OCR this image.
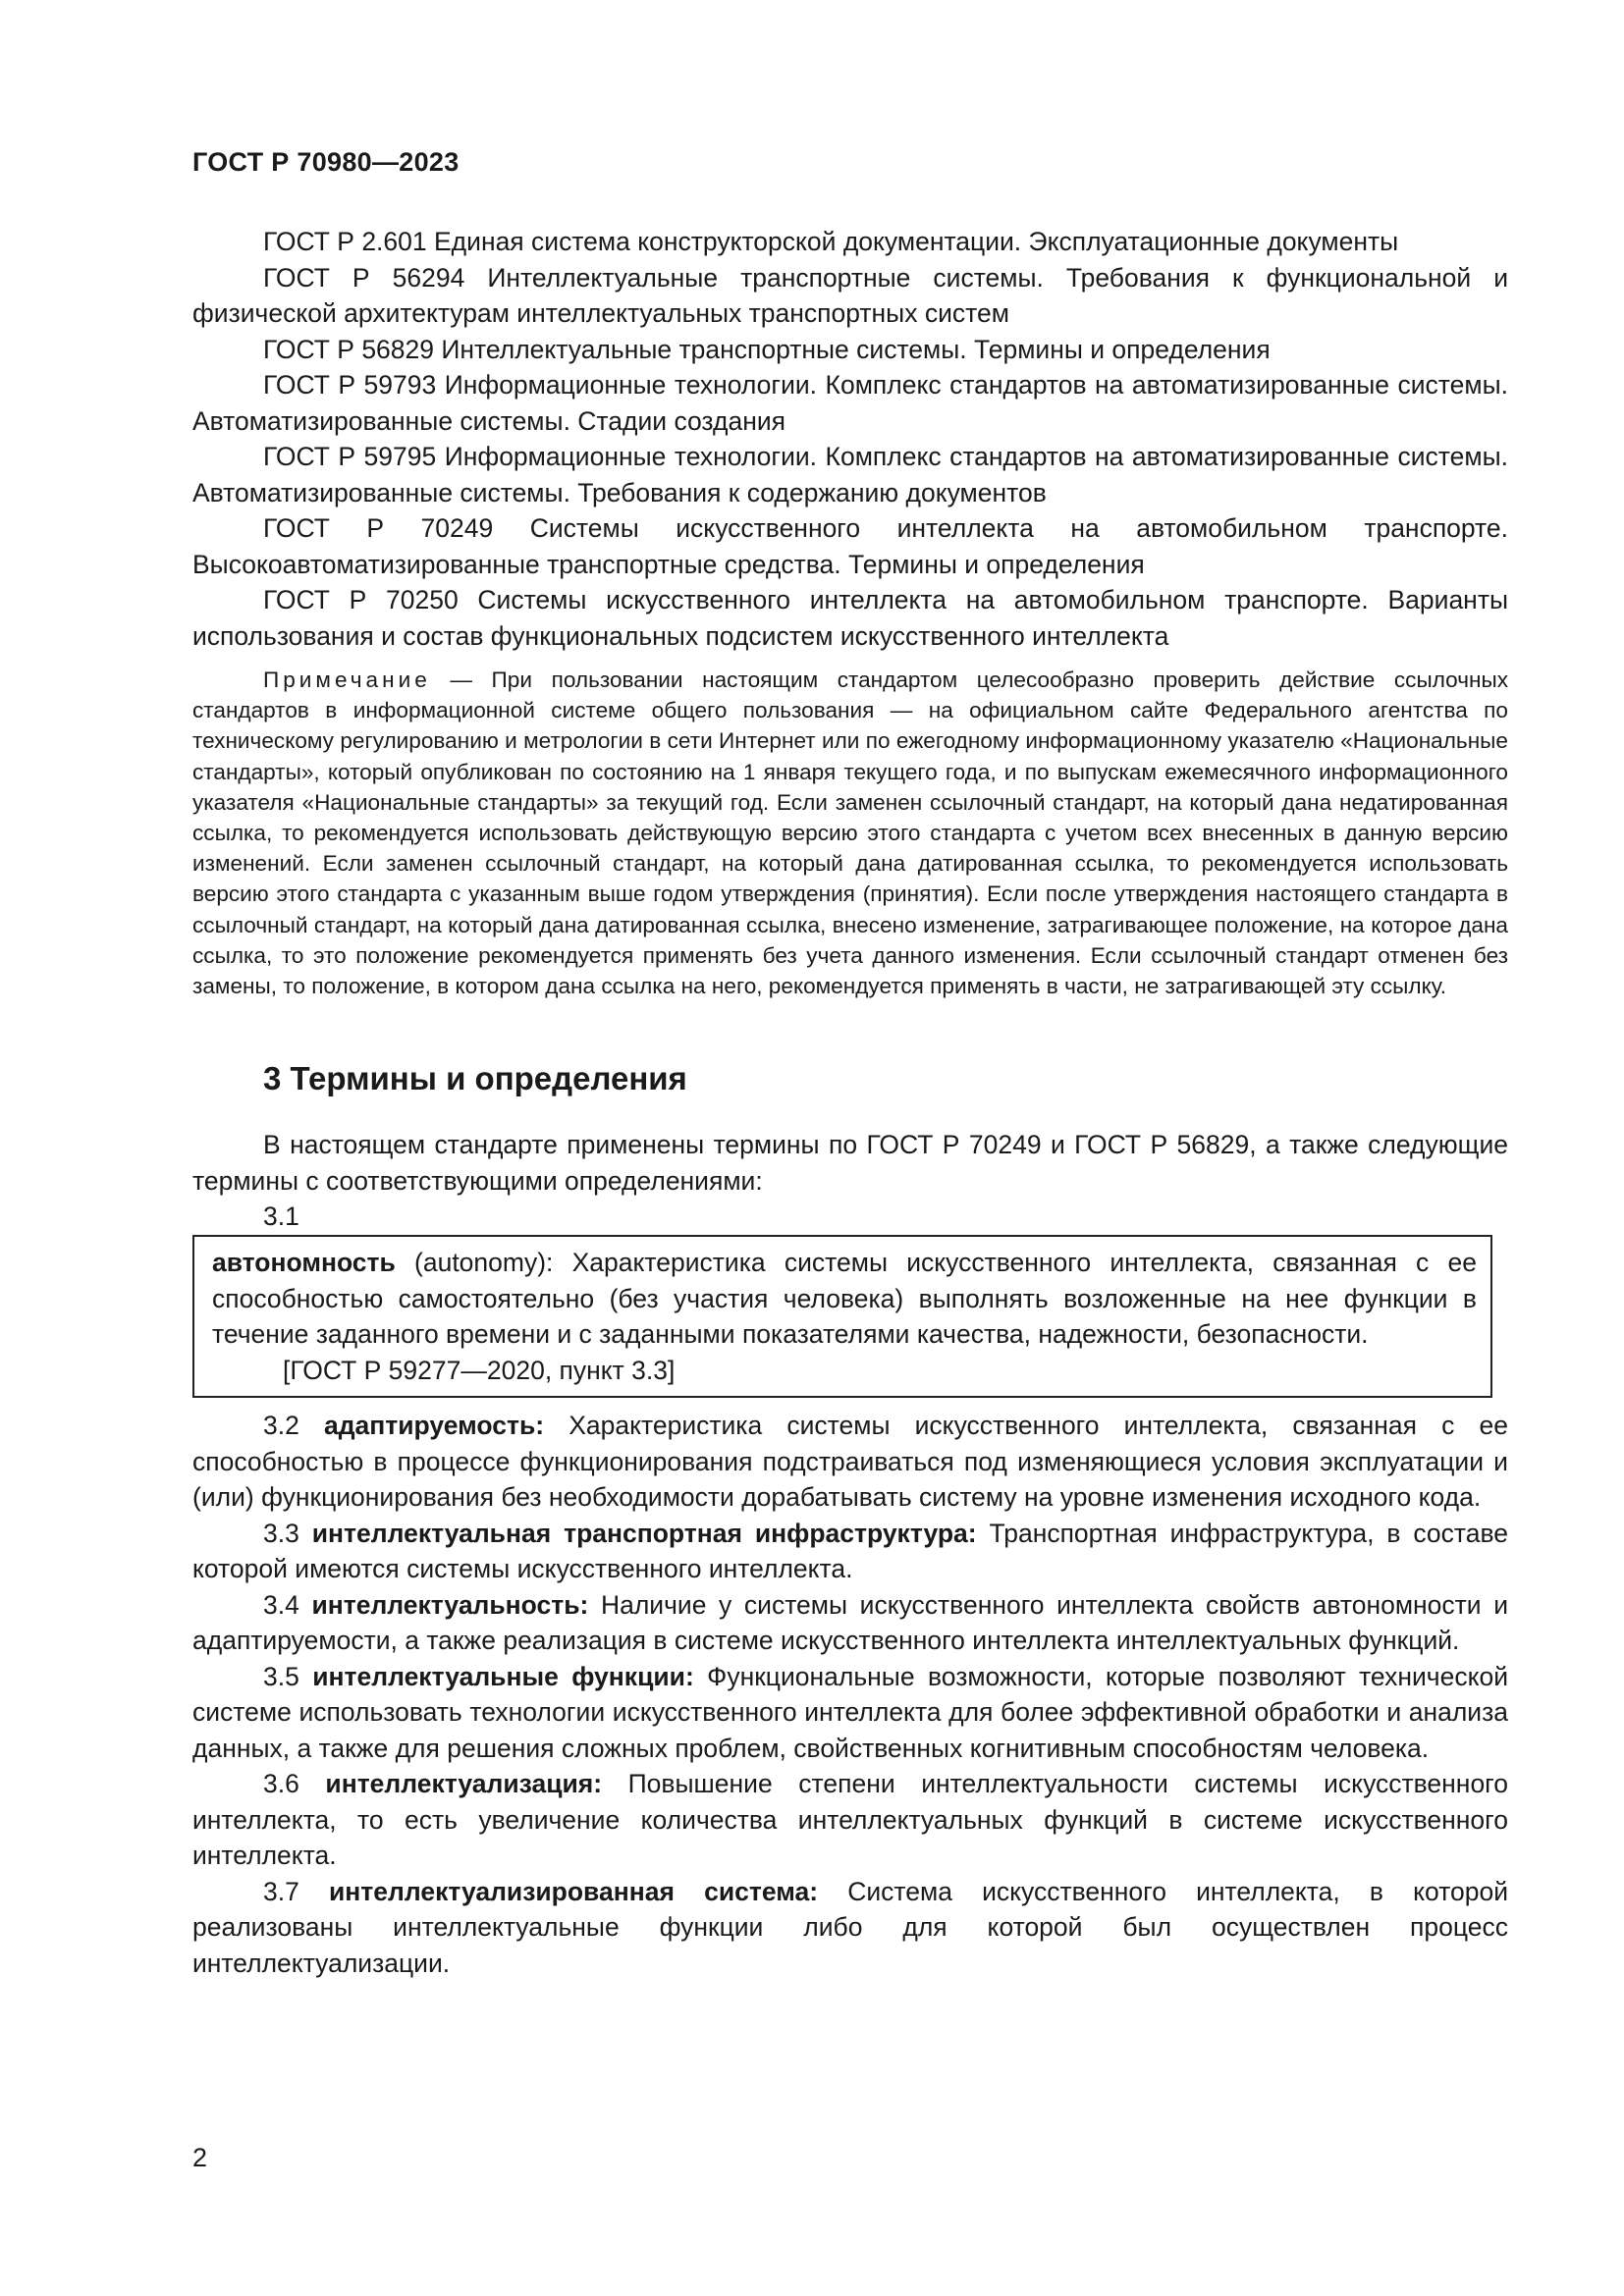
ГОСТ Р 70980—2023

ГОСТ Р 2.601 Единая система конструкторской документации. Эксплуатационные документы

ГОСТ Р 56294 Интеллектуальные транспортные системы. Требования к функциональной и физической архитектурам интеллектуальных транспортных систем

ГОСТ Р 56829 Интеллектуальные транспортные системы. Термины и определения

ГОСТ Р 59793 Информационные технологии. Комплекс стандартов на автоматизированные системы. Автоматизированные системы. Стадии создания

ГОСТ Р 59795 Информационные технологии. Комплекс стандартов на автоматизированные системы. Автоматизированные системы. Требования к содержанию документов

ГОСТ Р 70249 Системы искусственного интеллекта на автомобильном транспорте. Высокоавтоматизированные транспортные средства. Термины и определения

ГОСТ Р 70250 Системы искусственного интеллекта на автомобильном транспорте. Варианты использования и состав функциональных подсистем искусственного интеллекта

Примечание — При пользовании настоящим стандартом целесообразно проверить действие ссылочных стандартов в информационной системе общего пользования — на официальном сайте Федерального агентства по техническому регулированию и метрологии в сети Интернет или по ежегодному информационному указателю «Национальные стандарты», который опубликован по состоянию на 1 января текущего года, и по выпускам ежемесячного информационного указателя «Национальные стандарты» за текущий год. Если заменен ссылочный стандарт, на который дана недатированная ссылка, то рекомендуется использовать действующую версию этого стандарта с учетом всех внесенных в данную версию изменений. Если заменен ссылочный стандарт, на который дана датированная ссылка, то рекомендуется использовать версию этого стандарта с указанным выше годом утверждения (принятия). Если после утверждения настоящего стандарта в ссылочный стандарт, на который дана датированная ссылка, внесено изменение, затрагивающее положение, на которое дана ссылка, то это положение рекомендуется применять без учета данного изменения. Если ссылочный стандарт отменен без замены, то положение, в котором дана ссылка на него, рекомендуется применять в части, не затрагивающей эту ссылку.

3 Термины и определения

В настоящем стандарте применены термины по ГОСТ Р 70249 и ГОСТ Р 56829, а также следующие термины с соответствующими определениями:

3.1

автономность (autonomy): Характеристика системы искусственного интеллекта, связанная с ее способностью самостоятельно (без участия человека) выполнять возложенные на нее функции в течение заданного времени и с заданными показателями качества, надежности, безопасности.

[ГОСТ Р 59277—2020, пункт 3.3]

3.2 адаптируемость: Характеристика системы искусственного интеллекта, связанная с ее способностью в процессе функционирования подстраиваться под изменяющиеся условия эксплуатации и (или) функционирования без необходимости дорабатывать систему на уровне изменения исходного кода.

3.3 интеллектуальная транспортная инфраструктура: Транспортная инфраструктура, в составе которой имеются системы искусственного интеллекта.

3.4 интеллектуальность: Наличие у системы искусственного интеллекта свойств автономности и адаптируемости, а также реализация в системе искусственного интеллекта интеллектуальных функций.

3.5 интеллектуальные функции: Функциональные возможности, которые позволяют технической системе использовать технологии искусственного интеллекта для более эффективной обработки и анализа данных, а также для решения сложных проблем, свойственных когнитивным способностям человека.

3.6 интеллектуализация: Повышение степени интеллектуальности системы искусственного интеллекта, то есть увеличение количества интеллектуальных функций в системе искусственного интеллекта.

3.7 интеллектуализированная система: Система искусственного интеллекта, в которой реализованы интеллектуальные функции либо для которой был осуществлен процесс интеллектуализации.

2
